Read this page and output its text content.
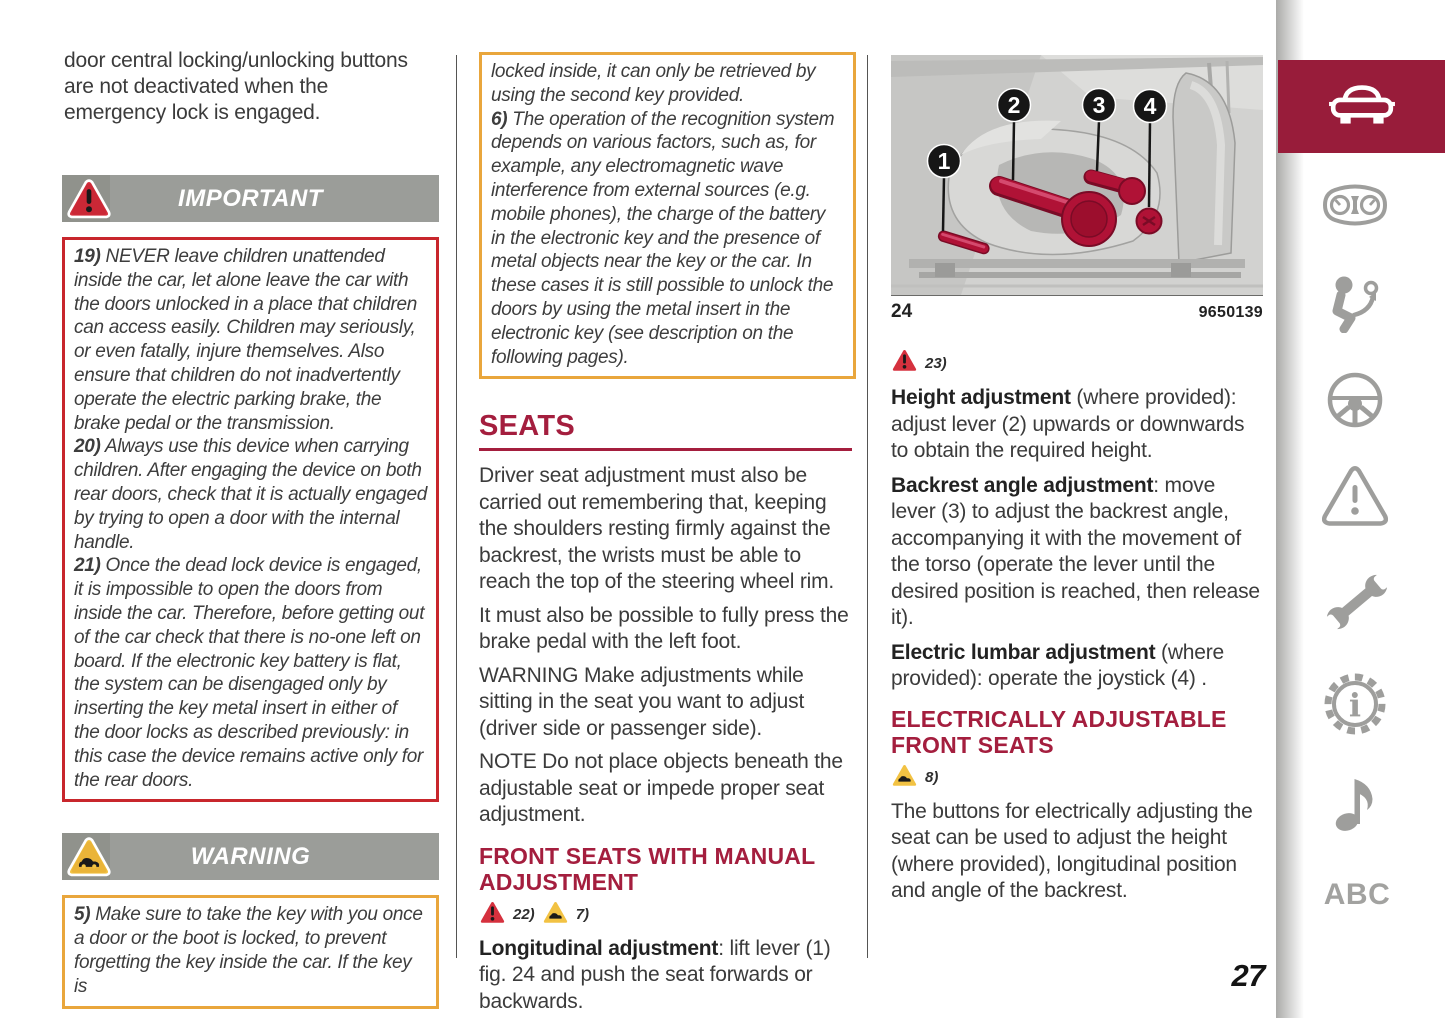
door central locking/unlocking buttons are not deactivated when the emergency lock is engaged.

IMPORTANT

19) NEVER leave children unattended inside the car, let alone leave the car with the doors unlocked in a place that children can access easily. Children may seriously, or even fatally, injure themselves. Also ensure that children do not inadvertently operate the electric parking brake, the brake pedal or the transmission.

20) Always use this device when carrying children. After engaging the device on both rear doors, check that it is actually engaged by trying to open a door with the internal handle.

21) Once the dead lock device is engaged, it is impossible to open the doors from inside the car. Therefore, before getting out of the car check that there is no-one left on board. If the electronic key battery is flat, the system can be disengaged only by inserting the key metal insert in either of the door locks as described previously: in this case the device remains active only for the rear doors.

WARNING

5) Make sure to take the key with you once a door or the boot is locked, to prevent forgetting the key inside the car. If the key is

locked inside, it can only be retrieved by using the second key provided.

6) The operation of the recognition system depends on various factors, such as, for example, any electromagnetic wave interference from external sources (e.g. mobile phones), the charge of the battery in the electronic key and the presence of metal objects near the key or the car. In these cases it is still possible to unlock the doors by using the metal insert in the electronic key (see description on the following pages).

SEATS

Driver seat adjustment must also be carried out remembering that, keeping the shoulders resting firmly against the backrest, the wrists must be able to reach the top of the steering wheel rim.

It must also be possible to fully press the brake pedal with the left foot.

WARNING Make adjustments while sitting in the seat you want to adjust (driver side or passenger side).

NOTE Do not place objects beneath the adjustable seat or impede proper seat adjustment.

FRONT SEATS WITH MANUAL ADJUSTMENT
22)	7)

Longitudinal adjustment: lift lever (1) fig. 24 and push the seat forwards or backwards.

1
2	3 4
24	9650139
23)

Height adjustment (where provided): adjust lever (2) upwards or downwards to obtain the required height.

Backrest angle adjustment: move lever (3) to adjust the backrest angle, accompanying it with the movement of the torso (operate the lever until the desired position is reached, then release it).

Electric lumbar adjustment (where provided): operate the joystick (4) .

ELECTRICALLY ADJUSTABLE FRONT SEATS
8)

The buttons for electrically adjusting the seat can be used to adjust the height (where provided), longitudinal position and angle of the backrest.

i
ABC
27
